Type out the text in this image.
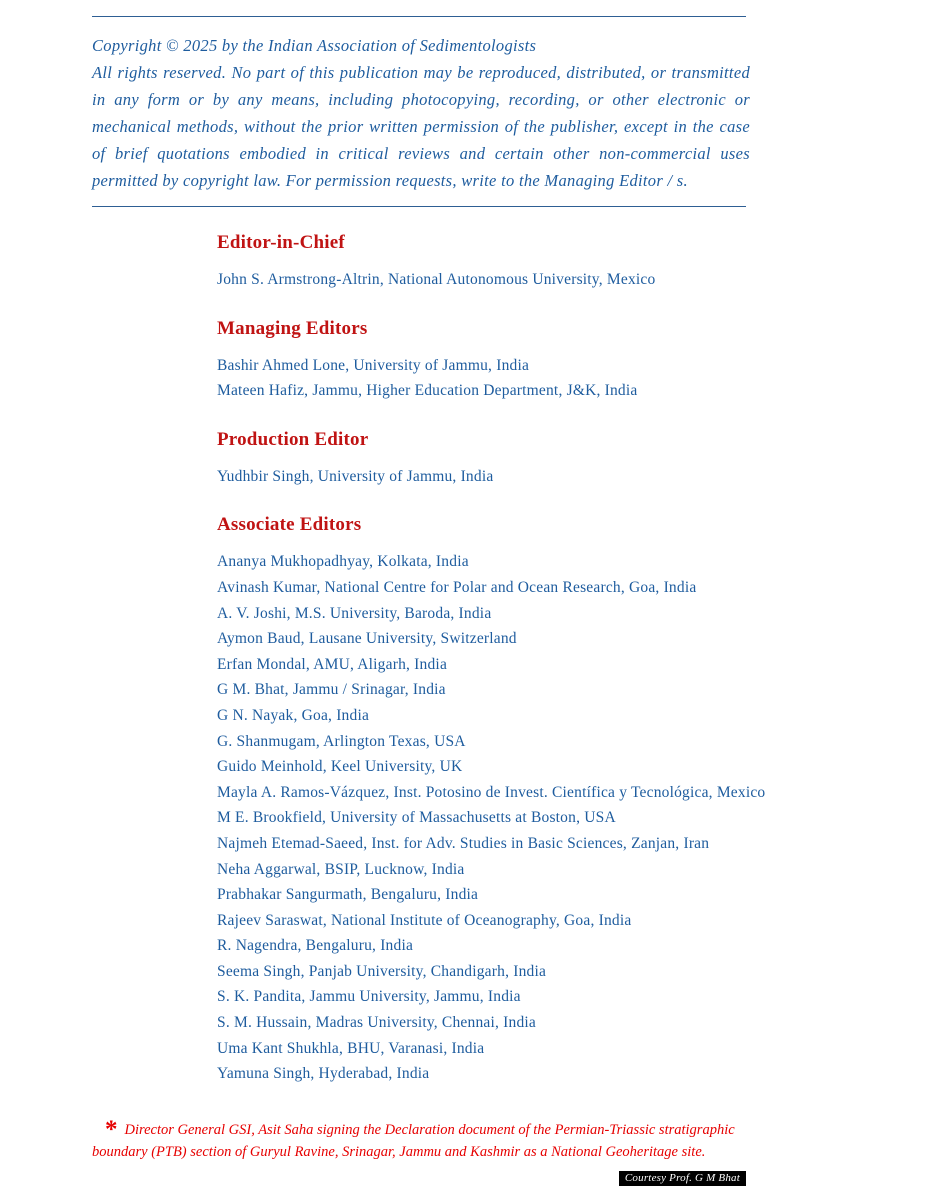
Copyright © 2025 by the Indian Association of Sedimentologists

All rights reserved. No part of this publication may be reproduced, distributed, or transmitted in any form or by any means, including photocopying, recording, or other electronic or mechanical methods, without the prior written permission of the publisher, except in the case of brief quotations embodied in critical reviews and certain other non-commercial uses permitted by copyright law. For permission requests, write to the Managing Editor / s.

Editor-in-Chief

John S. Armstrong-Altrin, National Autonomous University, Mexico

Managing Editors

Bashir Ahmed Lone, University of Jammu, India

Mateen Hafiz, Jammu, Higher Education Department, J&K, India

Production Editor

Yudhbir Singh, University of Jammu, India

Associate Editors

Ananya Mukhopadhyay, Kolkata, India

Avinash Kumar, National Centre for Polar and Ocean Research, Goa, India

A. V. Joshi, M.S. University, Baroda, India

Aymon Baud, Lausane University, Switzerland

Erfan Mondal, AMU, Aligarh, India

G M. Bhat, Jammu / Srinagar, India

G N. Nayak, Goa, India

G. Shanmugam, Arlington Texas, USA

Guido Meinhold, Keel University, UK

Mayla A. Ramos-Vázquez, Inst. Potosino de Invest. Científica y Tecnológica, Mexico

M E. Brookfield, University of Massachusetts at Boston, USA

Najmeh Etemad-Saeed, Inst. for Adv. Studies in Basic Sciences, Zanjan, Iran

Neha Aggarwal, BSIP, Lucknow, India

Prabhakar Sangurmath, Bengaluru, India

Rajeev Saraswat, National Institute of Oceanography, Goa, India

R. Nagendra, Bengaluru, India

Seema Singh, Panjab University, Chandigarh, India

S. K. Pandita, Jammu University, Jammu, India

S. M. Hussain, Madras University, Chennai, India

Uma Kant Shukhla, BHU, Varanasi, India

Yamuna Singh, Hyderabad, India

* Director General GSI, Asit Saha signing the Declaration document of the Permian-Triassic stratigraphic boundary (PTB) section of Guryul Ravine, Srinagar, Jammu and Kashmir as a National Geoheritage site.
Courtesy Prof. G M Bhat
